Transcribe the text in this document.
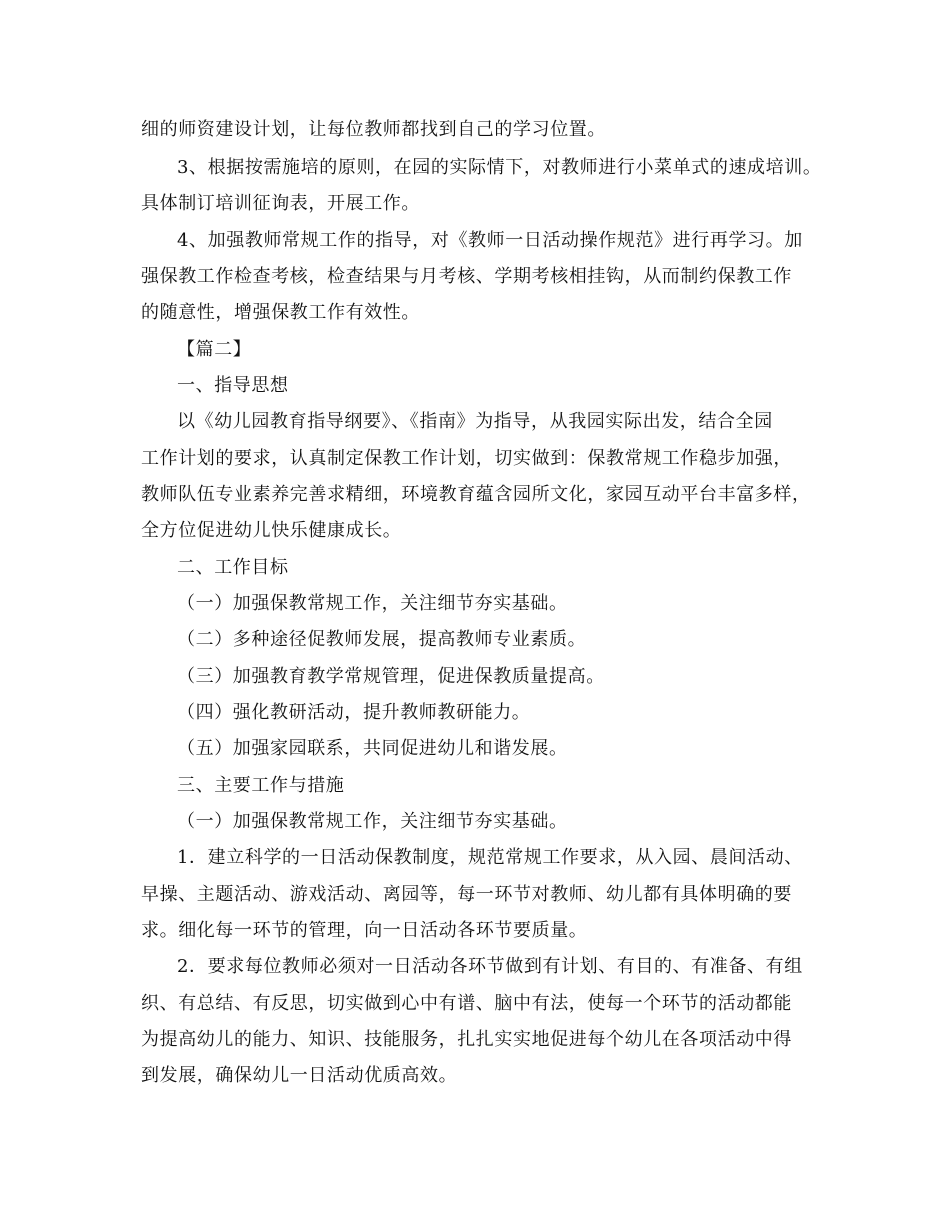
细的师资建设计划，让每位教师都找到自己的学习位置。
3、根据按需施培的原则，在园的实际情下，对教师进行小菜单式的速成培训。
具体制订培训征询表，开展工作。
4、加强教师常规工作的指导，对《教师一日活动操作规范》进行再学习。加
强保教工作检查考核，检查结果与月考核、学期考核相挂钩，从而制约保教工作
的随意性，增强保教工作有效性。
【篇二】
一、指导思想
以《幼儿园教育指导纲要》、《指南》为指导，从我园实际出发，结合全园
工作计划的要求，认真制定保教工作计划，切实做到：保教常规工作稳步加强，
教师队伍专业素养完善求精细，环境教育蕴含园所文化，家园互动平台丰富多样，
全方位促进幼儿快乐健康成长。
二、工作目标
（一）加强保教常规工作，关注细节夯实基础。
（二）多种途径促教师发展，提高教师专业素质。
（三）加强教育教学常规管理，促进保教质量提高。
（四）强化教研活动，提升教师教研能力。
（五）加强家园联系，共同促进幼儿和谐发展。
三、主要工作与措施
（一）加强保教常规工作，关注细节夯实基础。
1．建立科学的一日活动保教制度，规范常规工作要求，从入园、晨间活动、
早操、主题活动、游戏活动、离园等，每一环节对教师、幼儿都有具体明确的要
求。细化每一环节的管理，向一日活动各环节要质量。
2．要求每位教师必须对一日活动各环节做到有计划、有目的、有准备、有组
织、有总结、有反思，切实做到心中有谱、脑中有法，使每一个环节的活动都能
为提高幼儿的能力、知识、技能服务，扎扎实实地促进每个幼儿在各项活动中得
到发展，确保幼儿一日活动优质高效。
